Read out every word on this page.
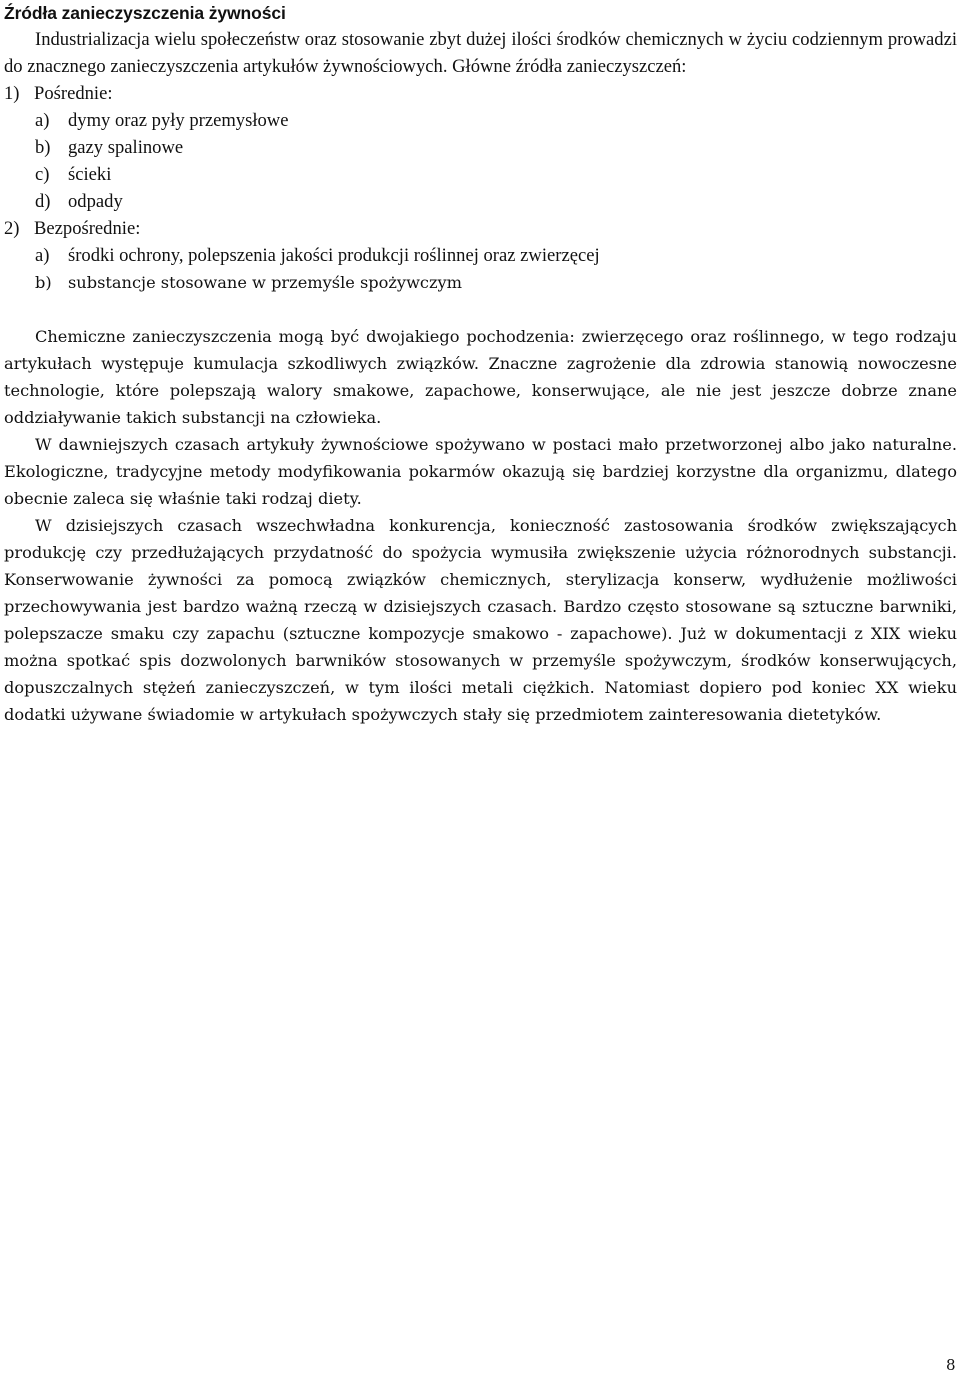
Źródła zanieczyszczenia żywności

Industrializacja wielu społeczeństw oraz stosowanie zbyt dużej ilości środków chemicznych w życiu codziennym prowadzi do znacznego zanieczyszczenia artykułów żywnościowych. Główne źródła zanieczyszczeń:

1) Pośrednie:
a) dymy oraz pyły przemysłowe
b) gazy spalinowe
c) ścieki
d) odpady
2) Bezpośrednie:
a) środki ochrony, polepszenia jakości produkcji roślinnej oraz zwierzęcej
b) substancje stosowane w przemyśle spożywczym

Chemiczne zanieczyszczenia mogą być dwojakiego pochodzenia: zwierzęcego oraz roślinnego, w tego rodzaju artykułach występuje kumulacja szkodliwych związków. Znaczne zagrożenie dla zdrowia stanowią nowoczesne technologie, które polepszają walory smakowe, zapachowe, konserwujące, ale nie jest jeszcze dobrze znane oddziaływanie takich substancji na człowieka.

W dawniejszych czasach artykuły żywnościowe spożywano w postaci mało przetworzonej albo jako naturalne. Ekologiczne, tradycyjne metody modyfikowania pokarmów okazują się bardziej korzystne dla organizmu, dlatego obecnie zaleca się właśnie taki rodzaj diety.

W dzisiejszych czasach wszechwładna konkurencja, konieczność zastosowania środków zwiększających produkcję czy przedłużających przydatność do spożycia wymusiła zwiększenie użycia różnorodnych substancji. Konserwowanie żywności za pomocą związków chemicznych, sterylizacja konserw, wydłużenie możliwości przechowywania jest bardzo ważną rzeczą w dzisiejszych czasach. Bardzo często stosowane są sztuczne barwniki, polepszacze smaku czy zapachu (sztuczne kompozycje smakowo - zapachowe). Już w dokumentacji z XIX wieku można spotkać spis dozwolonych barwników stosowanych w przemyśle spożywczym, środków konserwujących, dopuszczalnych stężeń zanieczyszczeń, w tym ilości metali ciężkich. Natomiast dopiero pod koniec XX wieku dodatki używane świadomie w artykułach spożywczych stały się przedmiotem zainteresowania dietetyków.

8
